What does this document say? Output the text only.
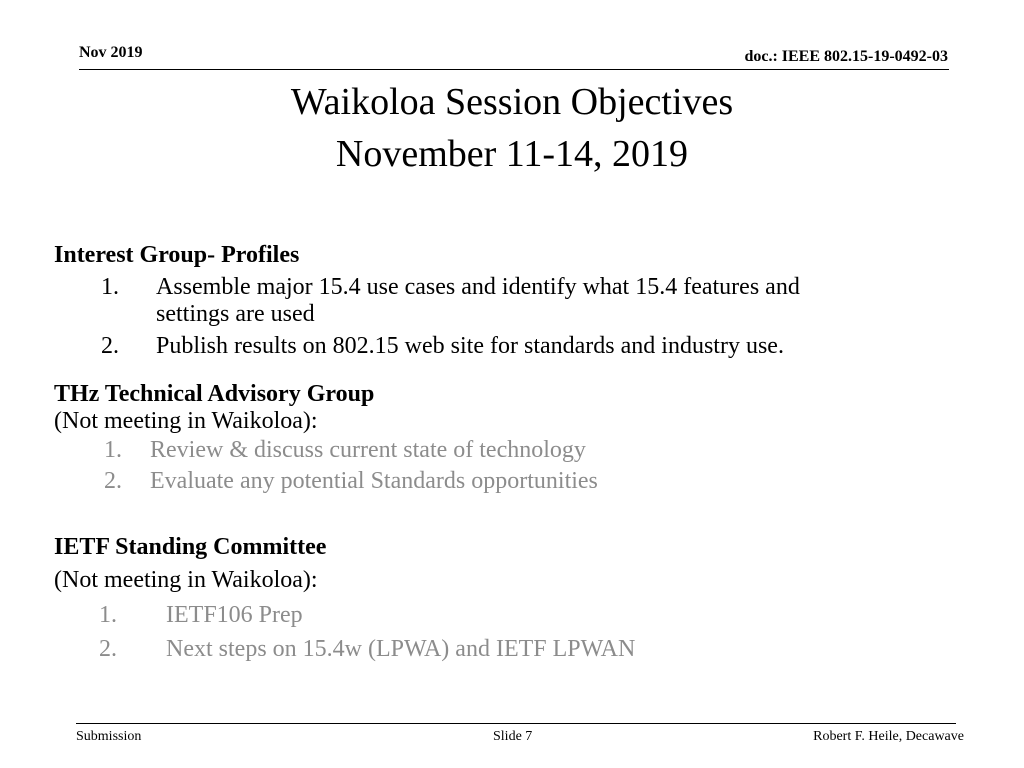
Nov 2019	doc.: IEEE 802.15-19-0492-03
Waikoloa Session Objectives
November 11-14, 2019
Interest Group- Profiles
1. Assemble major 15.4 use cases and identify what 15.4 features and
settings are used
2. Publish results on 802.15 web site for standards and industry use.
THz Technical Advisory Group
(Not meeting in Waikoloa):
1. Review & discuss current state of technology
2. Evaluate any potential Standards opportunities
IETF Standing Committee
(Not meeting in Waikoloa):
1. IETF106 Prep
2. Next steps on 15.4w (LPWA) and IETF LPWAN
Submission	Slide 7	Robert F. Heile, Decawave
